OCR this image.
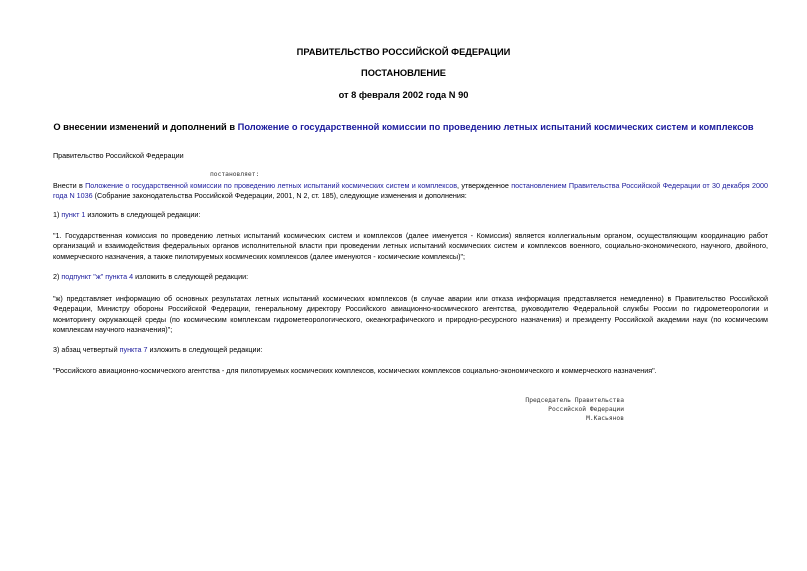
ПРАВИТЕЛЬСТВО РОССИЙСКОЙ ФЕДЕРАЦИИ
ПОСТАНОВЛЕНИЕ
от 8 февраля 2002 года N 90
О внесении изменений и дополнений в Положение о государственной комиссии по проведению летных испытаний космических систем и комплексов
Правительство Российской Федерации
постановляет:
Внести в Положение о государственной комиссии по проведению летных испытаний космических систем и комплексов, утвержденное постановлением Правительства Российской Федерации от 30 декабря 2000 года N 1036 (Собрание законодательства Российской Федерации, 2001, N 2, ст. 185), следующие изменения и дополнения:
1) пункт 1 изложить в следующей редакции:
"1. Государственная комиссия по проведению летных испытаний космических систем и комплексов (далее именуется - Комиссия) является коллегиальным органом, осуществляющим координацию работ организаций и взаимодействия федеральных органов исполнительной власти при проведении летных испытаний космических систем и комплексов военного, социально-экономического, научного, двойного, коммерческого назначения, а также пилотируемых космических комплексов (далее именуются - космические комплексы)";
2) подпункт "ж" пункта 4 изложить в следующей редакции:
"ж) представляет информацию об основных результатах летных испытаний космических комплексов (в случае аварии или отказа информация представляется немедленно) в Правительство Российской Федерации, Министру обороны Российской Федерации, генеральному директору Российского авиационно-космического агентства, руководителю Федеральной службы России по гидрометеорологии и мониторингу окружающей среды (по космическим комплексам гидрометеорологического, океанографического и природно-ресурсного назначения) и президенту Российской академии наук (по космическим комплексам научного назначения)";
3) абзац четвертый пункта 7 изложить в следующей редакции:
"Российского авиационно-космического агентства - для пилотируемых космических комплексов, космических комплексов социально-экономического и коммерческого назначения".
Председатель Правительства
Российской Федерации
М.Касьянов
